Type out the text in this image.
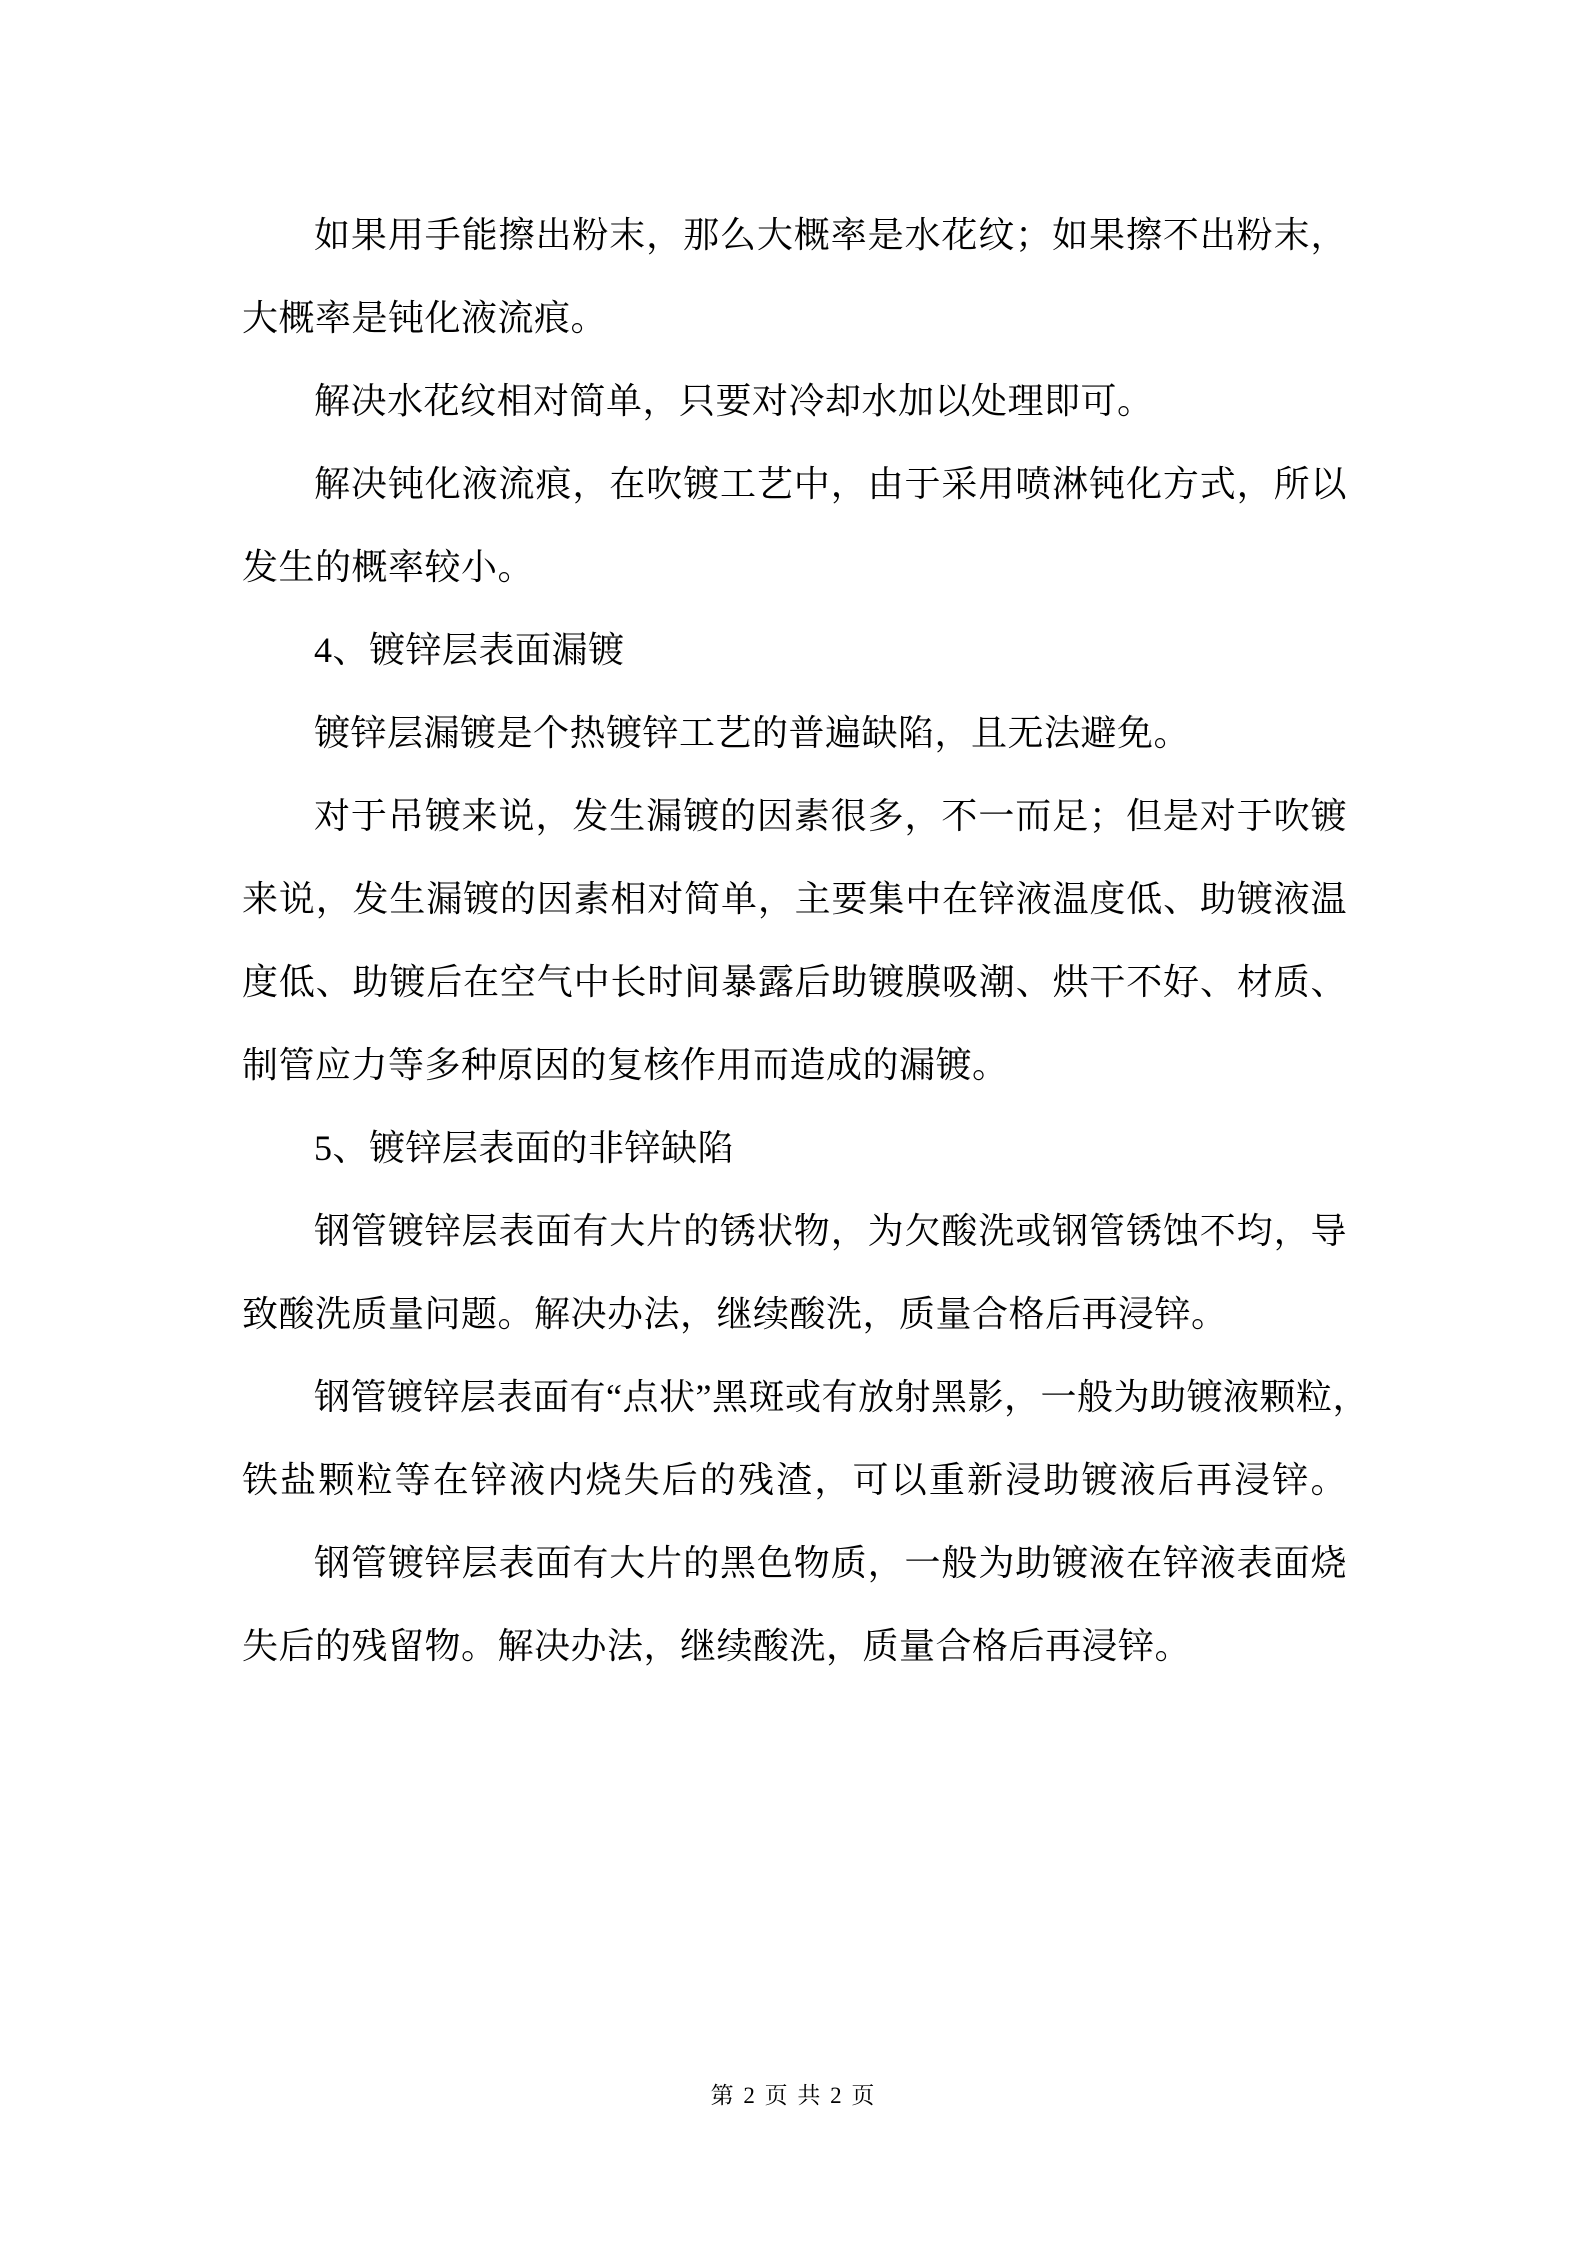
如果用手能擦出粉末，那么大概率是水花纹；如果擦不出粉末，
大概率是钝化液流痕。

解决水花纹相对简单，只要对冷却水加以处理即可。

解决钝化液流痕，在吹镀工艺中，由于采用喷淋钝化方式，所以
发生的概率较小。

4、镀锌层表面漏镀

镀锌层漏镀是个热镀锌工艺的普遍缺陷，且无法避免。

对于吊镀来说，发生漏镀的因素很多，不一而足；但是对于吹镀
来说，发生漏镀的因素相对简单，主要集中在锌液温度低、助镀液温
度低、助镀后在空气中长时间暴露后助镀膜吸潮、烘干不好、材质、
制管应力等多种原因的复核作用而造成的漏镀。

5、镀锌层表面的非锌缺陷

钢管镀锌层表面有大片的锈状物，为欠酸洗或钢管锈蚀不均，导
致酸洗质量问题。解决办法，继续酸洗，质量合格后再浸锌。

钢管镀锌层表面有“点状”黑斑或有放射黑影，一般为助镀液颗粒，
铁盐颗粒等在锌液内烧失后的残渣，可以重新浸助镀液后再浸锌。

钢管镀锌层表面有大片的黑色物质，一般为助镀液在锌液表面烧
失后的残留物。解决办法，继续酸洗，质量合格后再浸锌。

第 2 页 共 2 页
